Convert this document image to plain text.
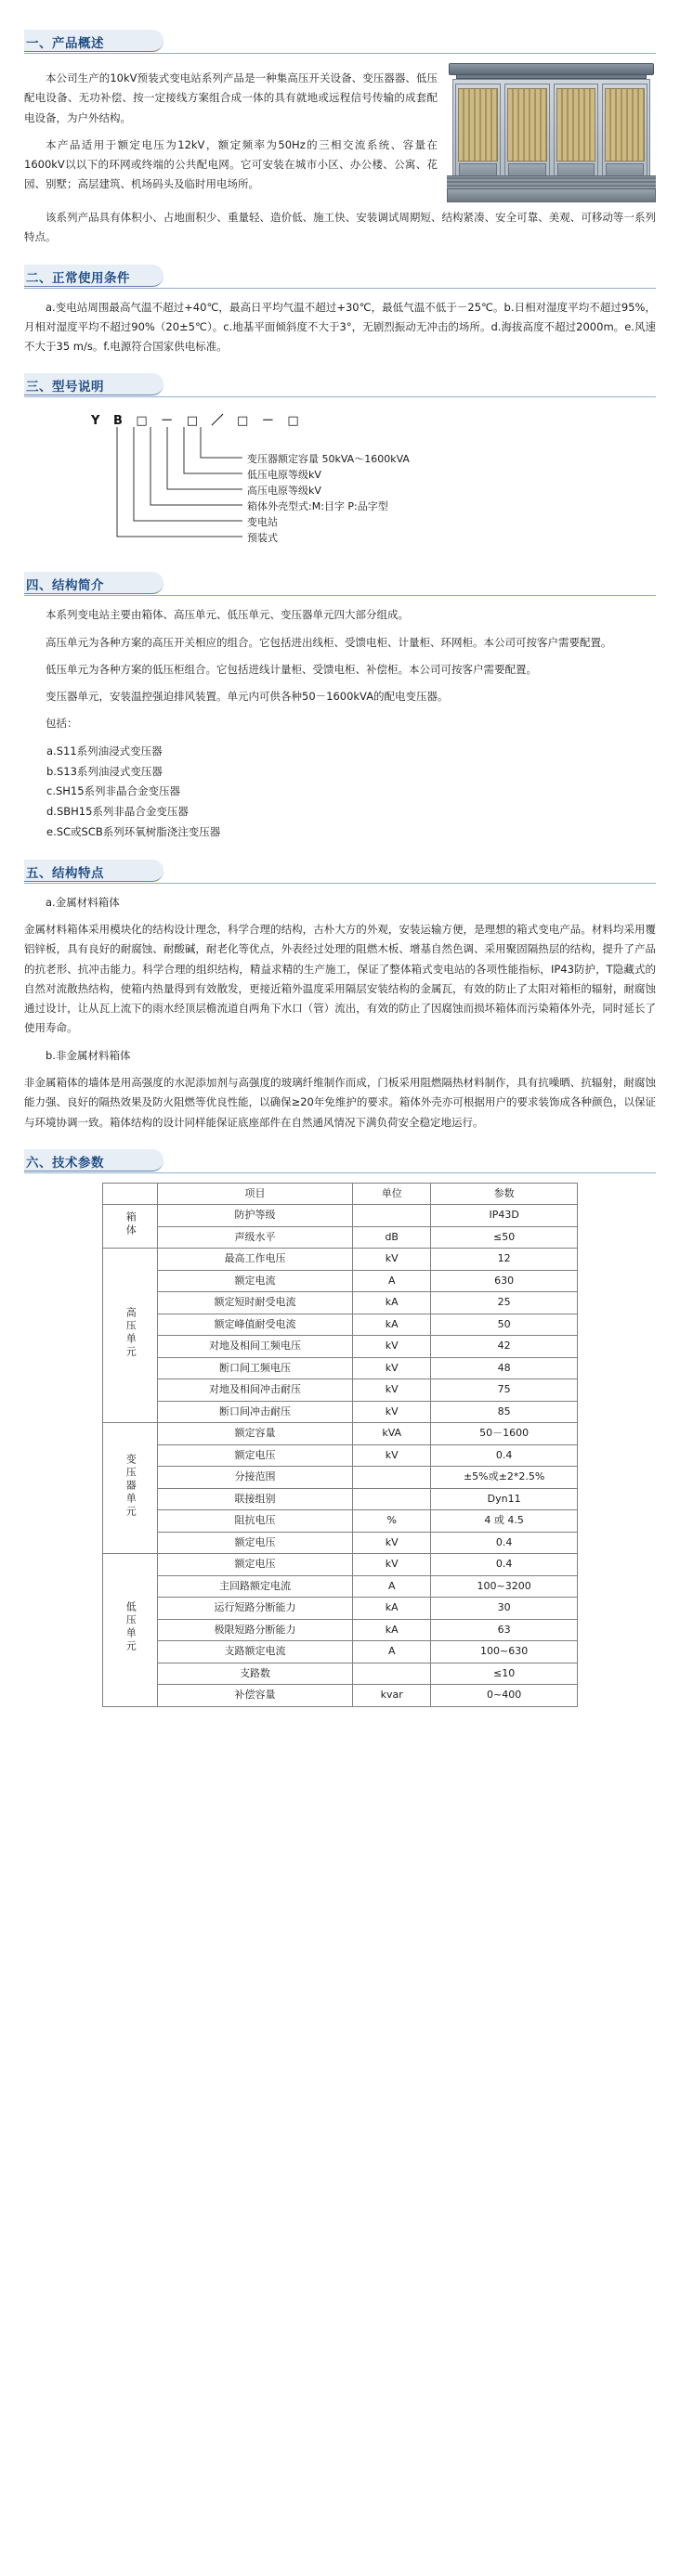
一、产品概述

本公司生产的10kV预装式变电站系列产品是一种集高压开关设备、变压器器、低压配电设备、无功补偿、按一定接线方案组合成一体的具有就地或远程信号传输的成套配电设备，为户外结构。

本产品适用于额定电压为12kV，额定频率为50Hz的三相交流系统、容量在1600kV以以下的环网或终端的公共配电网。它可安装在城市小区、办公楼、公寓、花园、别墅；高层建筑、机场码头及临时用电场所。

该系列产品具有体积小、占地面积少、重量轻、造价低、施工快、安装调试周期短、结构紧凑、安全可靠、美观、可移动等一系列特点。

二、正常使用条件

a.变电站周围最高气温不超过+40℃，最高日平均气温不超过+30℃，最低气温不低于－25℃。b.日相对湿度平均不超过95%，月相对湿度平均不超过90%（20±5℃）。c.地基平面倾斜度不大于3°，无剧烈振动无冲击的场所。d.海拔高度不超过2000m。e.风速不大于35 m/s。f.电源符合国家供电标准。

三、型号说明
Y B □ － □ ／ □ － □
变压器额定容量 50kVA～1600kVA
低压电原等级kV
高压电原等级kV
箱体外壳型式:M:目字 P:品字型
变电站
预装式
四、结构简介

本系列变电站主要由箱体、高压单元、低压单元、变压器单元四大部分组成。

高压单元为各种方案的高压开关相应的组合。它包括进出线柜、受馈电柜、计量柜、环网柜。本公司可按客户需要配置。

低压单元为各种方案的低压柜组合。它包括进线计量柜、受馈电柜、补偿柜。本公司可按客户需要配置。

变压器单元，安装温控强迫排风装置。单元内可供各种50－1600kVA的配电变压器。

包括：

a.S11系列油浸式变压器
b.S13系列油浸式变压器
c.SH15系列非晶合金变压器
d.SBH15系列非晶合金变压器
e.SC或SCB系列环氧树脂浇注变压器
五、结构特点

a.金属材料箱体

金属材料箱体采用模块化的结构设计理念，科学合理的结构，古朴大方的外观，安装运输方便，是理想的箱式变电产品。材料均采用覆铝锌板，具有良好的耐腐蚀、耐酸碱，耐老化等优点，外表经过处理的阻燃木板、增基自然色调、采用聚固隔热层的结构，提升了产品的抗老形、抗冲击能力。科学合理的组织结构，精益求精的生产施工，保证了整体箱式变电站的各项性能指标，IP43防护，T隐藏式的自然对流散热结构，使箱内热量得到有效散发，更接近箱外温度采用隔层安装结构的金属瓦，有效的防止了太阳对箱柜的辐射，耐腐蚀通过设计，让从瓦上流下的雨水经顶层檐流道自两角下水口（管）流出，有效的防止了因腐蚀而损坏箱体而污染箱体外壳，同时延长了使用寿命。

b.非金属材料箱体

非金属箱体的墙体是用高强度的水泥添加剂与高强度的玻璃纤维制作而成，门板采用阻燃隔热材料制作，具有抗噪晒、抗辐射，耐腐蚀能力强、良好的隔热效果及防火阻燃等优良性能，以确保≥20年免维护的要求。箱体外壳亦可根据用户的要求装饰成各种颜色，以保证与环境协调一致。箱体结构的设计同样能保证底座部件在自然通风情况下满负荷安全稳定地运行。

六、技术参数
	项目	单位	参数
箱体	防护等级		IP43D
	声级水平	dB	≤50
高压单元	最高工作电压	kV	12
	额定电流	A	630
	额定短时耐受电流	kA	25
	额定峰值耐受电流	kA	50
	对地及相间工频电压	kV	42
	断口间工频电压	kV	48
	对地及相间冲击耐压	kV	75
	断口间冲击耐压	kV	85
变压器单元	额定容量	kVA	50－1600
	额定电压	kV	0.4
	分接范围		±5%或±2*2.5%
	联接组别		Dyn11
	阻抗电压	%	4 或 4.5
	额定电压	kV	0.4
低压单元	额定电压	kV	0.4
	主回路额定电流	A	100~3200
	运行短路分断能力	kA	30
	极限短路分断能力	kA	63
	支路额定电流	A	100~630
	支路数		≤10
	补偿容量	kvar	0~400
